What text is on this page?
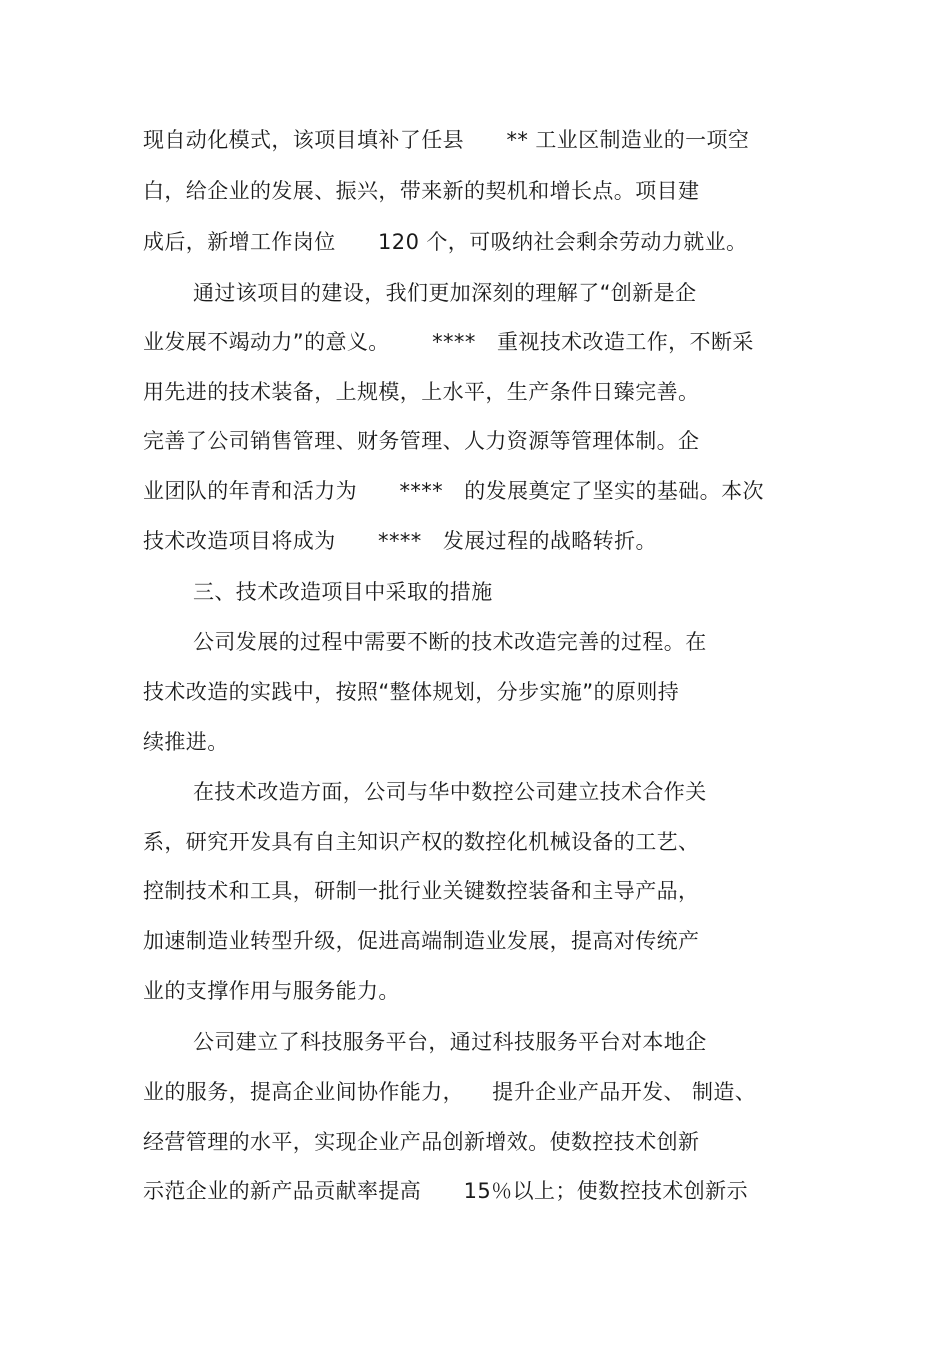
现自动化模式，该项目填补了任县      ** 工业区制造业的一项空
白，给企业的发展、振兴，带来新的契机和增长点。项目建
成后，新增工作岗位      120 个，可吸纳社会剩余劳动力就业。
通过该项目的建设，我们更加深刻的理解了“创新是企
业发展不竭动力”的意义。      ****   重视技术改造工作，不断采
用先进的技术装备，上规模，上水平，生产条件日臻完善。
完善了公司销售管理、财务管理、人力资源等管理体制。企
业团队的年青和活力为      ****   的发展奠定了坚实的基础。本次
技术改造项目将成为      ****   发展过程的战略转折。
三、技术改造项目中采取的措施
公司发展的过程中需要不断的技术改造完善的过程。在
技术改造的实践中，按照“整体规划，分步实施”的原则持
续推进。
在技术改造方面，公司与华中数控公司建立技术合作关
系，研究开发具有自主知识产权的数控化机械设备的工艺、
控制技术和工具，研制一批行业关键数控装备和主导产品，
加速制造业转型升级，促进高端制造业发展，提高对传统产
业的支撑作用与服务能力。
公司建立了科技服务平台，通过科技服务平台对本地企
业的服务，提高企业间协作能力，    提升企业产品开发、 制造、
经营管理的水平，实现企业产品创新增效。使数控技术创新
示范企业的新产品贡献率提高      15％以上；使数控技术创新示
